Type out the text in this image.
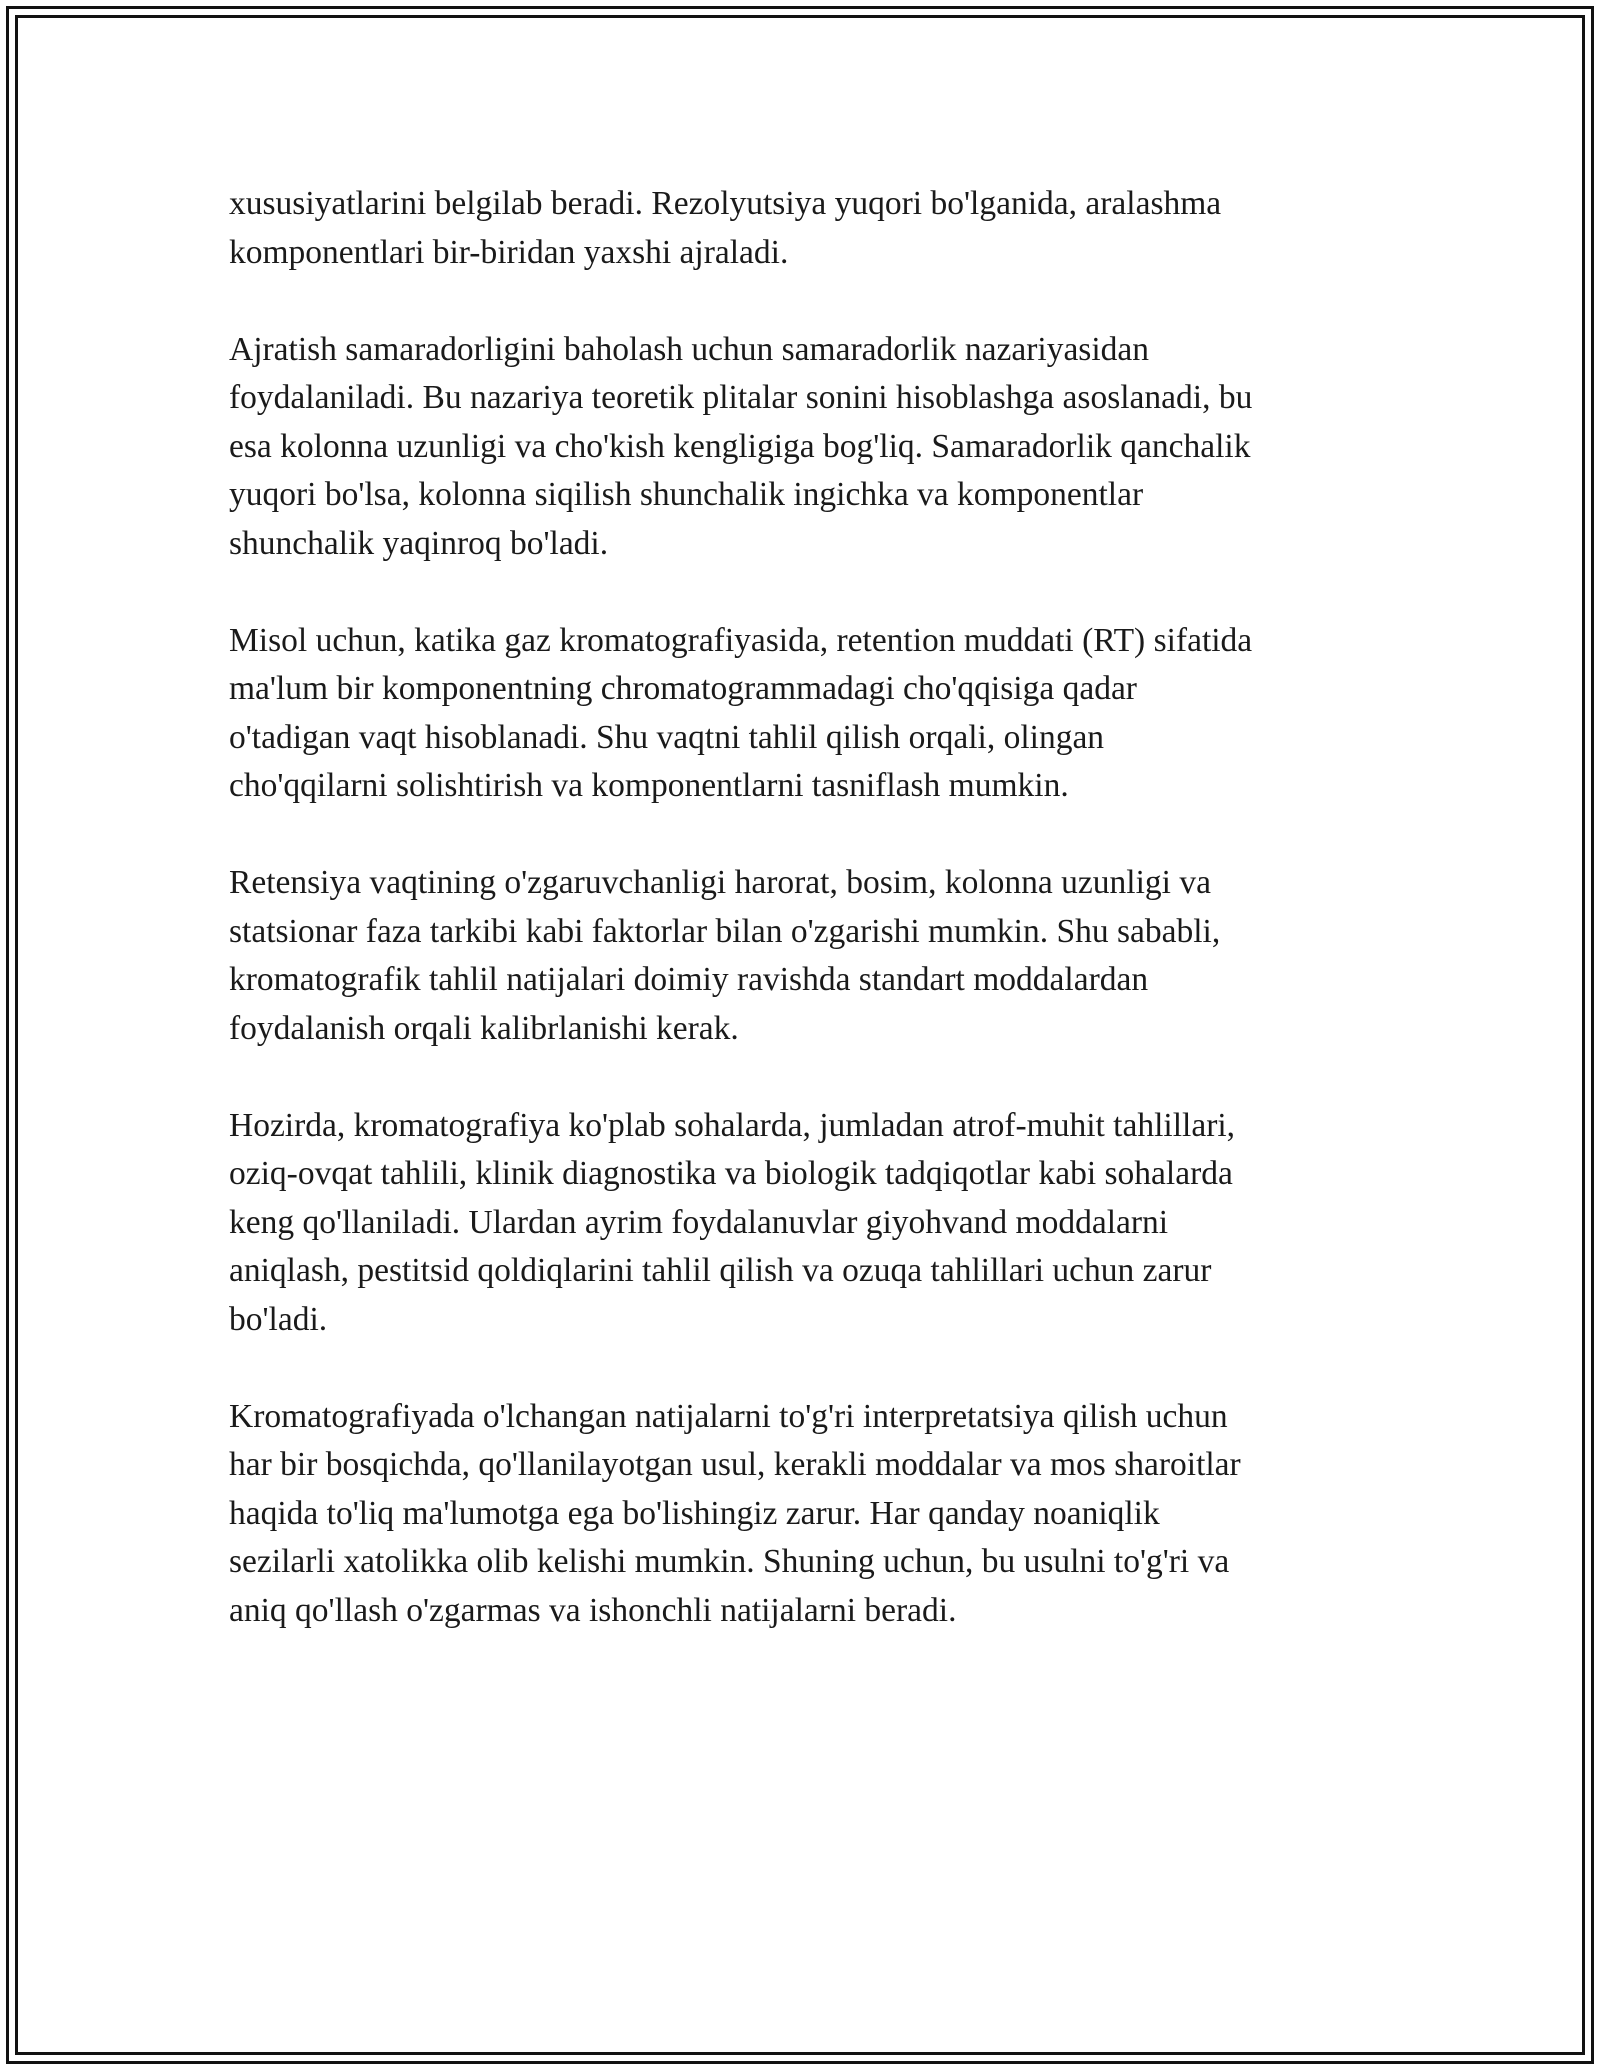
xususiyatlarini belgilab beradi. Rezolyutsiya yuqori bo'lganida, aralashma
komponentlari bir-biridan yaxshi ajraladi.

Ajratish samaradorligini baholash uchun samaradorlik nazariyasidan
foydalaniladi. Bu nazariya teoretik plitalar sonini hisoblashga asoslanadi, bu
esa kolonna uzunligi va cho'kish kengligiga bog'liq. Samaradorlik qanchalik
yuqori bo'lsa, kolonna siqilish shunchalik ingichka va komponentlar
shunchalik yaqinroq bo'ladi.

Misol uchun, katika gaz kromatografiyasida, retention muddati (RT) sifatida
ma'lum bir komponentning chromatogrammadagi cho'qqisiga qadar
o'tadigan vaqt hisoblanadi. Shu vaqtni tahlil qilish orqali, olingan
cho'qqilarni solishtirish va komponentlarni tasniflash mumkin.

Retensiya vaqtining o'zgaruvchanligi harorat, bosim, kolonna uzunligi va
statsionar faza tarkibi kabi faktorlar bilan o'zgarishi mumkin. Shu sababli,
kromatografik tahlil natijalari doimiy ravishda standart moddalardan
foydalanish orqali kalibrlanishi kerak.

Hozirda, kromatografiya ko'plab sohalarda, jumladan atrof-muhit tahlillari,
oziq-ovqat tahlili, klinik diagnostika va biologik tadqiqotlar kabi sohalarda
keng qo'llaniladi. Ulardan ayrim foydalanuvlar giyohvand moddalarni
aniqlash, pestitsid qoldiqlarini tahlil qilish va ozuqa tahlillari uchun zarur
bo'ladi.

Kromatografiyada o'lchangan natijalarni to'g'ri interpretatsiya qilish uchun
har bir bosqichda, qo'llanilayotgan usul, kerakli moddalar va mos sharoitlar
haqida to'liq ma'lumotga ega bo'lishingiz zarur. Har qanday noaniqlik
sezilarli xatolikka olib kelishi mumkin. Shuning uchun, bu usulni to'g'ri va
aniq qo'llash o'zgarmas va ishonchli natijalarni beradi.
